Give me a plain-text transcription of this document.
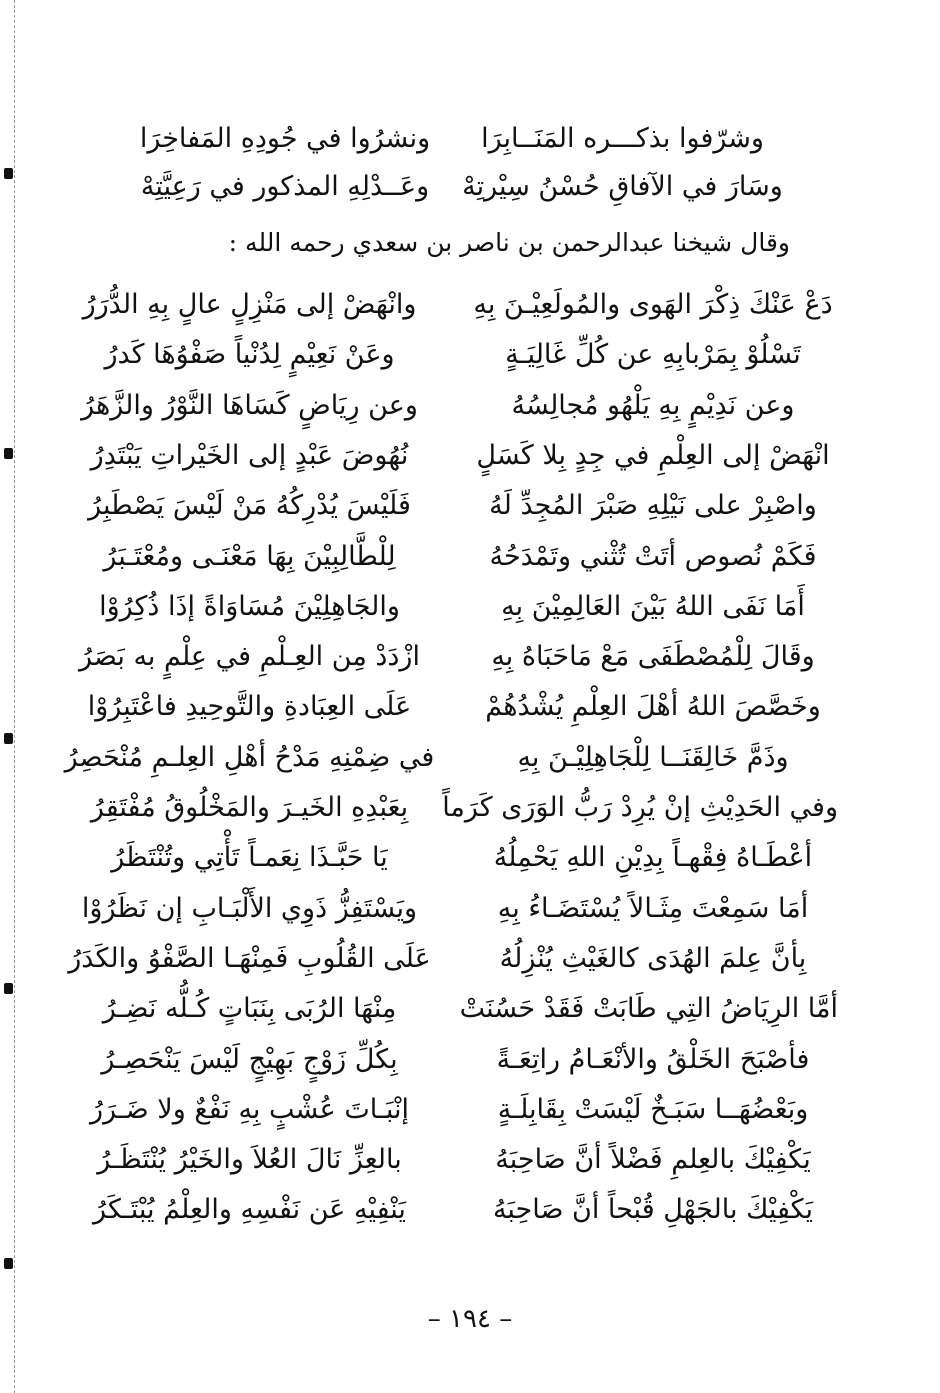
وشرّفوا بذكـــره المَنَــابِرَا
ونشرُوا في جُودِهِ المَفاخِرَا
وسَارَ في الآفاقِ حُسْنُ سِيْرتِهْ
وعَــدْلِهِ المذكور في رَعِيَّتِهْ
وقال شيخنا عبدالرحمن بن ناصر بن سعدي رحمه الله :
دَعْ عَنْكَ ذِكْرَ الهَوى والمُولَعِيْـنَ بِهِ
وانْهَضْ إلى مَنْزِلٍ عالٍ بِهِ الدُّرَرُ
تَسْلُوْ بِمَرْبابِهِ عن كُلِّ غَالِيَـةٍ
وعَنْ نَعِيْمٍ لِدُنْياً صَفْوُهَا كَدرُ
وعن نَدِيْمٍ بِهِ يَلْهُو مُجالِسُهُ
وعن رِيَاضٍ كَسَاهَا النَّوْرُ والزَّهَرُ
انْهَضْ إلى العِلْمِ في جِدٍ بِلا كَسَلٍ
نُهُوضَ عَبْدٍ إلى الخَيْراتِ يَبْتَدِرُ
واصْبِرْ على نَيْلِهِ صَبْرَ المُجِدِّ لَهُ
فَلَيْسَ يُدْرِكُهُ مَنْ لَيْسَ يَصْطَبِرُ
فَكَمْ نُصوص أتَتْ تُثْني وتَمْدَحُهُ
لِلْطَّالِبِيْنَ بِهَا مَعْنَـى ومُعْتَـبَرُ
أَمَا نَفَى اللهُ بَيْنَ العَالِمِيْنَ بِهِ
والجَاهِلِيْنَ مُسَاوَاةً إذَا ذُكِرُوْا
وقَالَ لِلْمُصْطَفَى مَعْ مَاحَبَاهُ بِهِ
ازْدَدْ مِن العِـلْمِ في عِلْمٍ به بَصَرُ
وخَصَّصَ اللهُ أهْلَ العِلْمِ يُشْدُهُمْ
عَلَى العِبَادةِ والتَّوحِيدِ فاعْتَبِرُوْا
وذَمَّ خَالِقَنَــا لِلْجَاهِلِيْـنَ بِهِ
في ضِمْنِهِ مَدْحُ أهْلِ العِلـمِ مُنْحَصِرُ
وفي الحَدِيْثِ إنْ يُرِدْ رَبُّ الوَرَى كَرَماً
بِعَبْدِهِ الخَيـرَ والمَخْلُوقُ مُفْتَقِرُ
أعْطَـاهُ فِقْهـاً بِدِيْنِ اللهِ يَحْمِلُهُ
يَا حَبَّـذَا نِعَمـاً تَأْتِي وتُنْتَظَرُ
أمَا سَمِعْتَ مِثَـالاً يُسْتَضَـاءُ بِهِ
ويَسْتَفِزُّ ذَوِي الأَلْبَـابِ إن نَظَرُوْا
بِأنَّ عِلمَ الهُدَى كالغَيْثِ يُنْزِلُهُ
عَلَى القُلُوبِ فَمِنْهَـا الصَّفْوُ والكَدَرُ
أمَّا الرِيَاضُ التِي طَابَتْ فَقَدْ حَسُنَتْ
مِنْهَا الرُبَى بِنَبَاتٍ كُـلُّه نَضِـرُ
فأصْبَحَ الخَلْقُ والأنْعَـامُ راتِعَـةً
بِكُلِّ زَوْجٍ بَهِيْجٍ لَيْسَ يَنْحَصِـرُ
وبَعْضُهَــا سَبَـخٌ لَيْسَتْ بِقَابِلَـةٍ
إنْبَـاتَ عُشْبٍ بِهِ نَفْعٌ ولا ضَـرَرُ
يَكْفِيْكَ بالعِلمِ فَضْلاً أنَّ صَاحِبَهُ
بالعِزِّ نَالَ العُلاَ والخَيْرُ يُنْتَظَـرُ
يَكْفِيْكَ بالجَهْلِ قُبْحاً أنَّ صَاحِبَهُ
يَنْفِيْهِ عَن نَفْسِهِ والعِلْمُ يُبْتَـكَرُ
– ١٩٤ –
